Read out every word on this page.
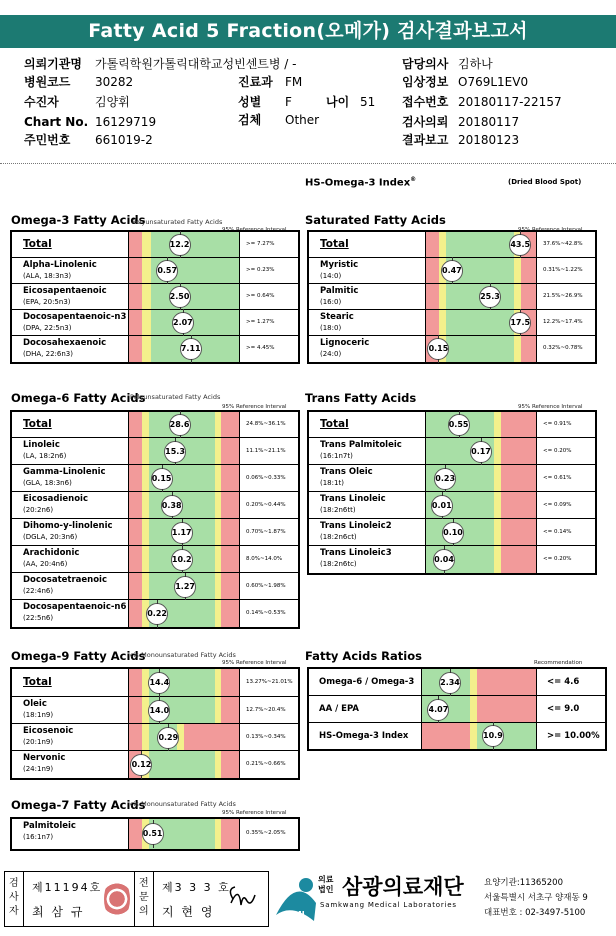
Fatty Acid 5 Fraction(오메가) 검사결과보고서
의뢰기관명 가톨릭학원가톨릭대학교성빈센트병 / -
병원코드 30282
수진자	김양휘
Chart No. 16129719
주민번호 661019-2
진료과 FM
성별 F	나이 51
검체 Other
담당의사 김하나
임상정보 O769L1EV0
접수번호 20180117-22157
검사의뢰 20180117
결과보고 20180123
HS-Omega-3 Index®	(Dried Blood Spot)
Omega-3 Fatty Acids
Polyunsaturated Fatty Acids
Total	12.2	>= 7.27%
Alpha-Linolenic
(ALA, 18:3n3)
0.57	>= 0.23%
Eicosapentaenoic
(EPA, 20:5n3)
2.50	>= 0.64%
Docosapentaenoic-n3
(DPA, 22:5n3)
2.07	>= 1.27%
Docosahexaenoic
(DHA, 22:6n3)
7.11	>= 4.45%
Saturated Fatty Acids
Total	43.5 37.6%~42.8%
Myristic
(14:0)
0.47	0.31%~1.22%
Palmitic
(16:0)
25.3	21.5%~26.9%
Stearic
(18:0)
17.5 12.2%~17.4%
Lignoceric
(24:0)
0.15	0.32%~0.78%
Omega-6 Fatty Acids
Polyunsaturated Fatty Acids
95% Reference Interval
Total	28.6	24.8%~36.1%
Linoleic
(LA, 18:2n6)
15.3	11.1%~21.1%
Gamma-Linolenic
(GLA, 18:3n6)
0.15	0.06%~0.33%
Eicosadienoic
(20:2n6)
0.38	0.20%~0.44%
Dihomo-y-linolenic
(DGLA, 20:3n6)
1.17	0.70%~1.87%
Arachidonic
(AA, 20:4n6)
10.2	8.0%~14.0%
Docosatetraenoic
(22:4n6)
1.27	0.60%~1.98%
Docosapentaenoic-n6
(22:5n6)
0.22	0.14%~0.53%
Trans Fatty Acids
95% Reference Interval
Total	0.55	<= 0.91%
Trans Palmitoleic
(16:1n7t)
0.17	<= 0.20%
Trans Oleic
(18:1t)
0.23	<= 0.61%
Trans Linoleic
(18:2n6tt)
0.01	<= 0.09%
Trans Linoleic2
(18:2n6ct)
0.10	<= 0.14%
Trans Linoleic3
(18:2n6tc)
0.04	<= 0.20%
Omega-9 Fatty Acids
cis-Monounsaturated Fatty Acids
95% Reference Interval
Total	14.4	13.27%~21.01%
Oleic
(18:1n9)
14.0	12.7%~20.4%
Eicosenoic
(20:1n9)
0.29	0.13%~0.34%
Nervonic
(24:1n9)
0.12	0.21%~0.66%
Omega-7 Fatty Acids
cis-Monounsaturated Fatty Acids
95% Reference Interval
Palmitoleic
(16:1n7)	0.51	0.35%~2.05%
Fatty Acids Ratios	Recommendation
Omega-6 / Omega-3	2.34	<= 4.6
AA / EPA	4.07	<= 9.0
HS-Omega-3 Index	10.9	>= 10.00%
검
사
자
제11194호
최 삼 규
전
문
의
제3 3 3 호
지 현 영	SML
의료
법인 삼광의료재단
Samkwang Medical Laboratories
요양기관:11365200
서울특별시 서초구 양재동 9
대표번호 : 02-3497-5100
